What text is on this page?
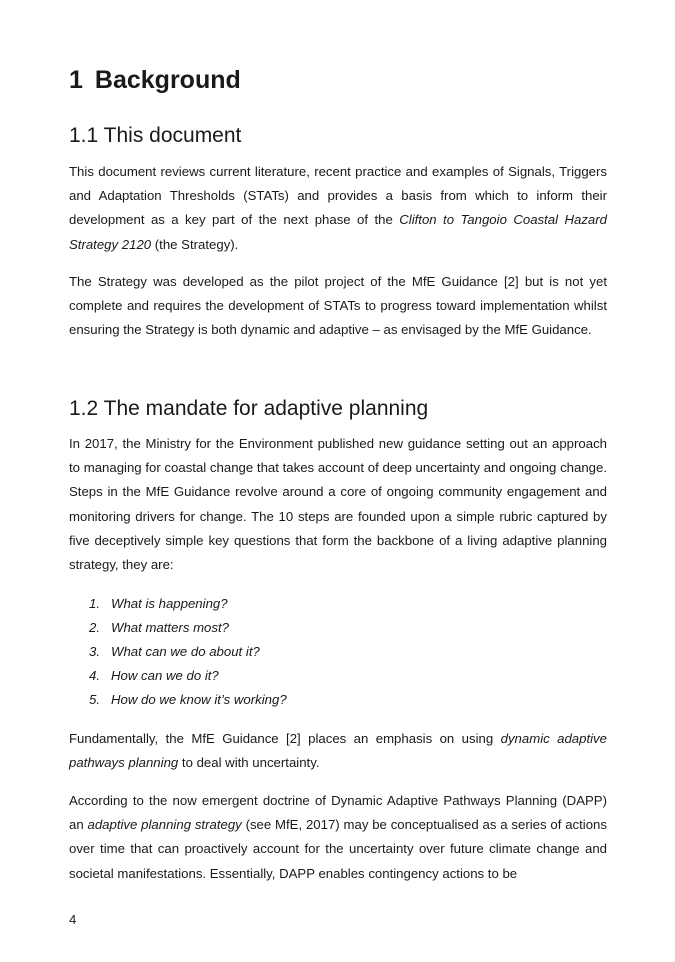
1 Background
1.1 This document

This document reviews current literature, recent practice and examples of Signals, Triggers and Adaptation Thresholds (STATs) and provides a basis from which to inform their development as a key part of the next phase of the Clifton to Tangoio Coastal Hazard Strategy 2120 (the Strategy).

The Strategy was developed as the pilot project of the MfE Guidance [2] but is not yet complete and requires the development of STATs to progress toward implementation whilst ensuring the Strategy is both dynamic and adaptive – as envisaged by the MfE Guidance.

1.2 The mandate for adaptive planning

In 2017, the Ministry for the Environment published new guidance setting out an approach to managing for coastal change that takes account of deep uncertainty and ongoing change. Steps in the MfE Guidance revolve around a core of ongoing community engagement and monitoring drivers for change. The 10 steps are founded upon a simple rubric captured by five deceptively simple key questions that form the backbone of a living adaptive planning strategy, they are:

1. What is happening?
2. What matters most?
3. What can we do about it?
4. How can we do it?
5. How do we know it’s working?

Fundamentally, the MfE Guidance [2] places an emphasis on using dynamic adaptive pathways planning to deal with uncertainty.

According to the now emergent doctrine of Dynamic Adaptive Pathways Planning (DAPP) an adaptive planning strategy (see MfE, 2017) may be conceptualised as a series of actions over time that can proactively account for the uncertainty over future climate change and societal manifestations. Essentially, DAPP enables contingency actions to be

4
